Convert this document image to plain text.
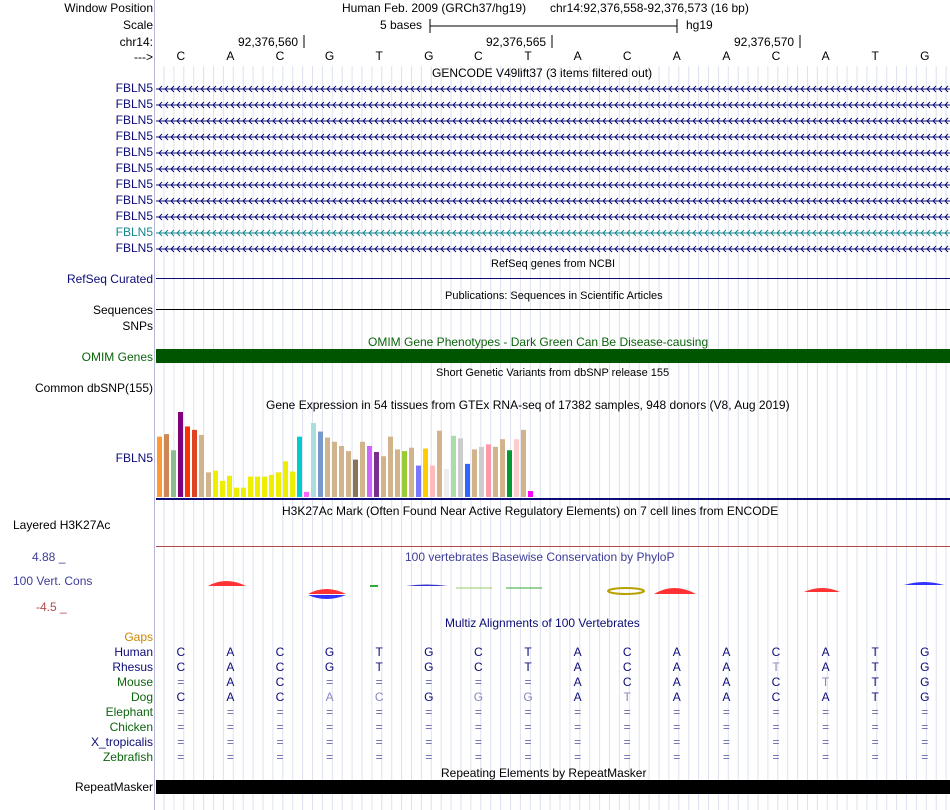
Window Position
Scale
chr14:
--->
Human Feb. 2009 (GRCh37/hg19) chr14:92,376,558-92,376,573 (16 bp)
5 bases	hg19
92,376,560	92,376,565	92,376,570
C	A	C	G	T	G	C	T	A	C	A	A	C	A	T	G
GENCODE V49lift37 (3 items filtered out)
FBLN5
FBLN5
FBLN5
FBLN5
FBLN5
FBLN5
FBLN5
FBLN5
FBLN5
FBLN5
FBLN5
RefSeq Curated
RefSeq genes from NCBI
Publications: Sequences in Scientific Articles
Sequences
SNPs
OMIM Gene Phenotypes - Dark Green Can Be Disease-causing
OMIM Genes
Short Genetic Variants from dbSNP release 155
Common dbSNP(155)
Gene Expression in 54 tissues from GTEx RNA-seq of 17382 samples, 948 donors (V8, Aug 2019)
FBLN5
H3K27Ac Mark (Often Found Near Active Regulatory Elements) on 7 cell lines from ENCODE
Layered H3K27Ac
100 vertebrates Basewise Conservation by PhyloP
4.88 _
100 Vert. Cons
-4.5 _
Multiz Alignments of 100 Vertebrates
Gaps
Human	C	A	C	G	T	G	C	T	A	C	A	A	C	A	T	G
Rhesus	C	A	C	G	T	G	C	T	A	C	A	A	T	A	T	G
Mouse	=	A	C	=	=	=	=	=	A	C	A	A	C	T	T	G
Dog	C	A	C	A	C	G	G	G	A	T	A	A	C	A	T	G
Elephant	=	=	=	=	=	=	=	=	=	=	=	=	=	=	=	=
Chicken	=	=	=	=	=	=	=	=	=	=	=	=	=	=	=	=
X_tropicalis	=	=	=	=	=	=	=	=	=	=	=	=	=	=	=	=
Zebrafish	=	=	=	=	=	=	=	=	=	=	=	=	=	=	=	=
Repeating Elements by RepeatMasker
RepeatMasker
